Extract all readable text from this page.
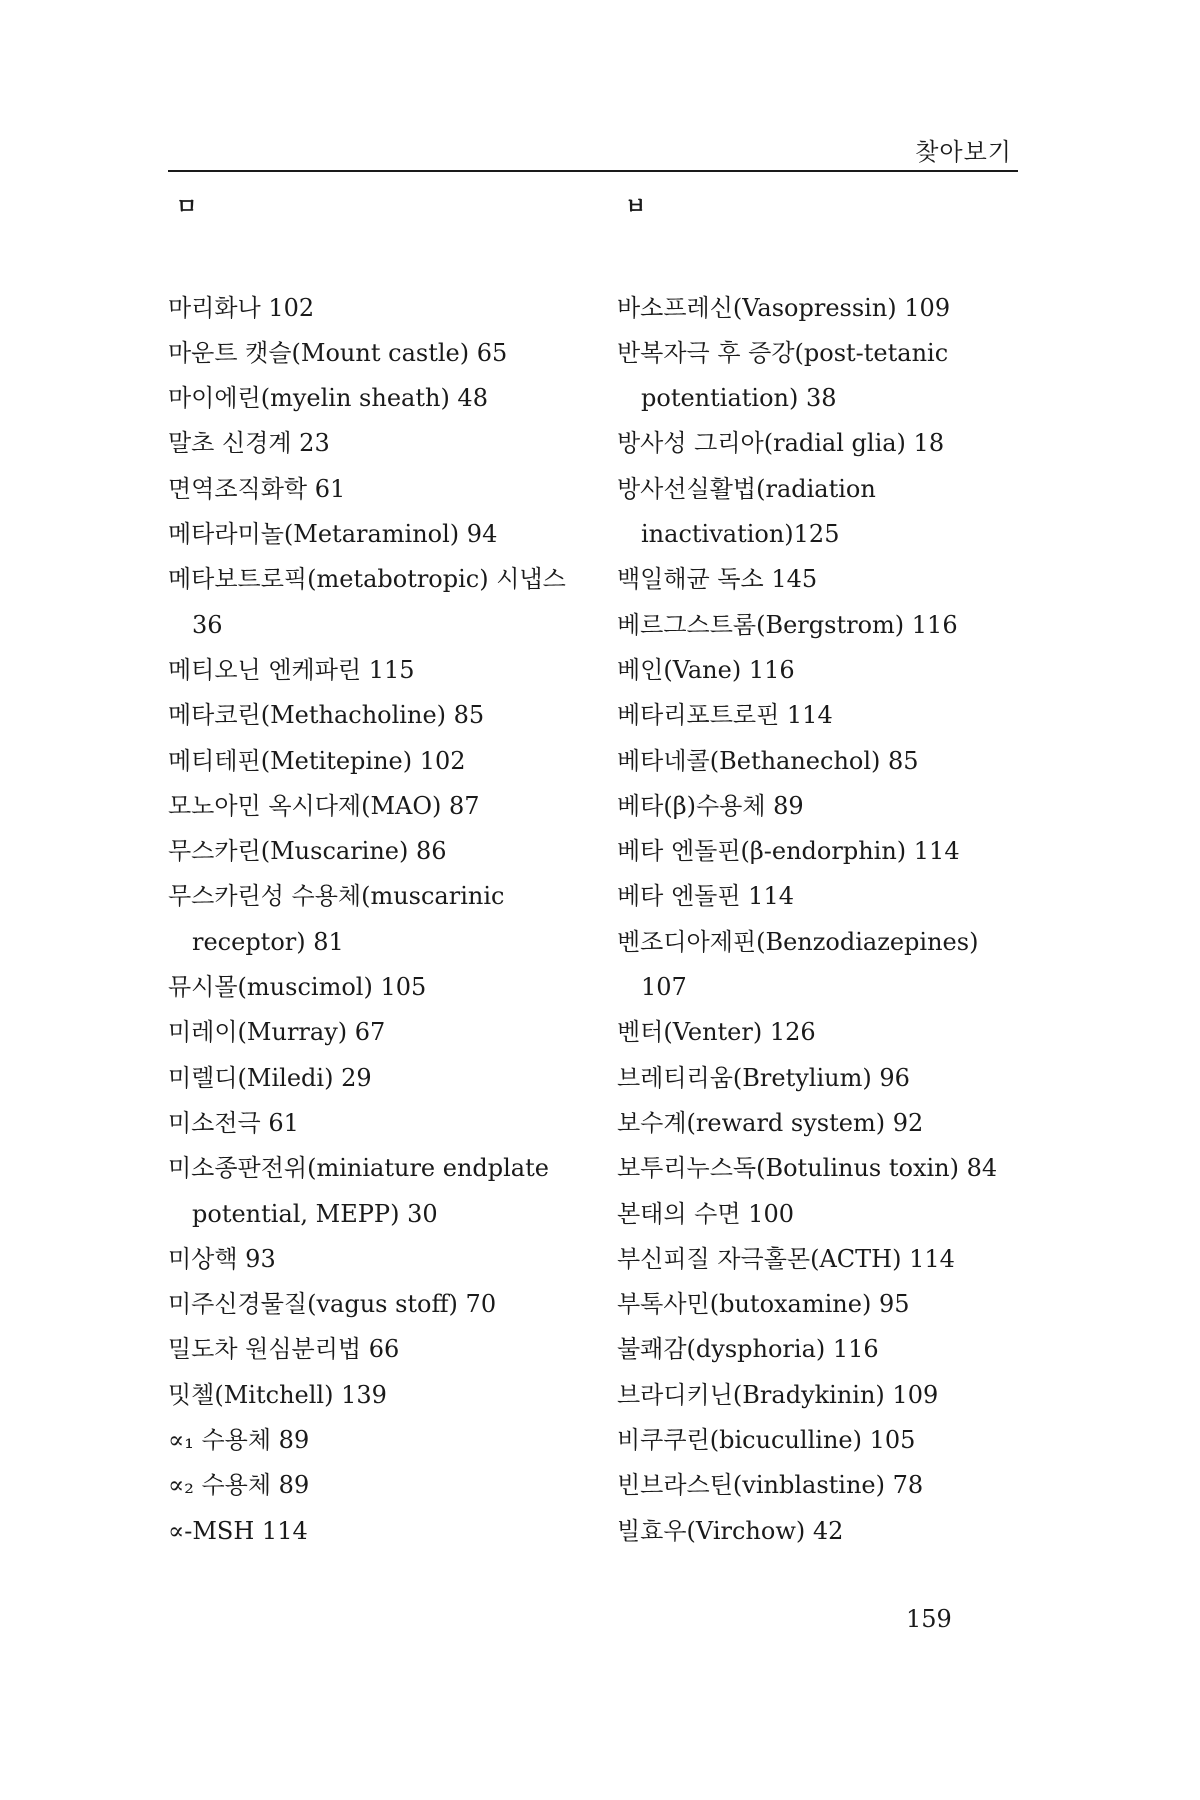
찾아보기
ㅁ

마리화나 102

마운트 캣슬(Mount castle) 65

마이에린(myelin sheath) 48

말초 신경계 23

면역조직화학 61

메타라미놀(Metaraminol) 94

메타보트로픽(metabotropic) 시냅스 36

메티오닌 엔케파린 115

메타코린(Methacholine) 85

메티테핀(Metitepine) 102

모노아민 옥시다제(MAO) 87

무스카린(Muscarine) 86

무스카린성 수용체(muscarinic receptor) 81

뮤시몰(muscimol) 105

미레이(Murray) 67

미렐디(Miledi) 29

미소전극 61

미소종판전위(miniature endplate potential, MEPP) 30

미상핵 93

미주신경물질(vagus stoff) 70

밀도차 원심분리법 66

밋첼(Mitchell) 139

∝₁ 수용체 89

∝₂ 수용체 89

∝-MSH 114

ㅂ

바소프레신(Vasopressin) 109

반복자극 후 증강(post-tetanic potentiation) 38

방사성 그리아(radial glia) 18

방사선실활법(radiation inactivation)125

백일해균 독소 145

베르그스트롬(Bergstrom) 116

베인(Vane) 116

베타리포트로핀 114

베타네콜(Bethanechol) 85

베타(β)수용체 89

베타 엔돌핀(β-endorphin) 114

베타 엔돌핀 114

벤조디아제핀(Benzodiazepines) 107

벤터(Venter) 126

브레티리움(Bretylium) 96

보수계(reward system) 92

보투리누스독(Botulinus toxin) 84

본태의 수면 100

부신피질 자극홀몬(ACTH) 114

부톡사민(butoxamine) 95

불쾌감(dysphoria) 116

브라디키닌(Bradykinin) 109

비쿠쿠린(bicuculline) 105

빈브라스틴(vinblastine) 78

빌효우(Virchow) 42

159
